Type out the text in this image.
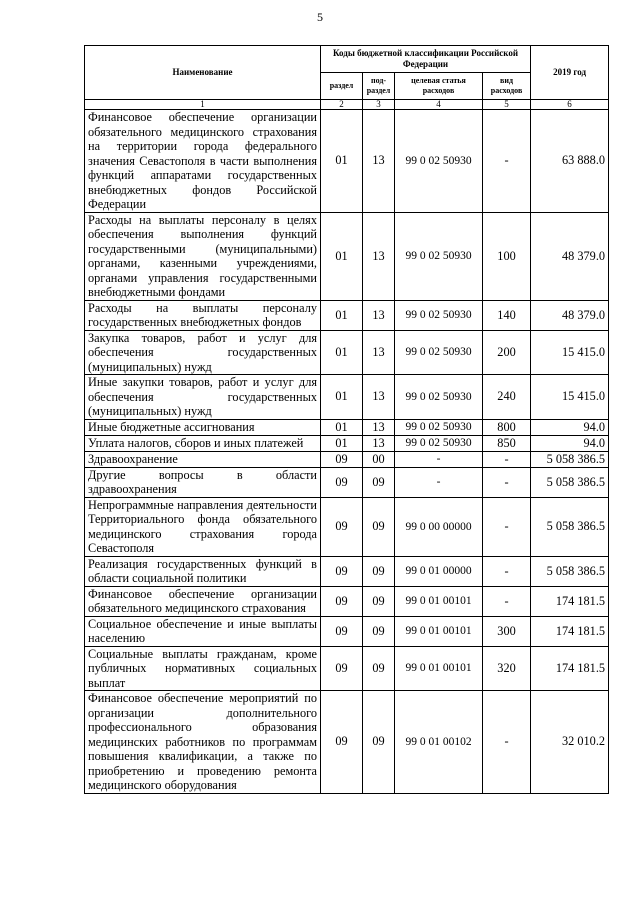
5
Наименование	Коды бюджетной классификации Российской Федерации				2019 год
	раздел	под-раздел	целевая статья расходов	вид расходов	
1	2	3	4	5	6
Финансовое обеспечение организации обязательного медицинского страхования на территории города федерального значения Севастополя в части выполнения функций аппаратами государственных внебюджетных фондов Российской Федерации	01	13	99 0 02 50930	-	63 888.0
Расходы на выплаты персоналу в целях обеспечения выполнения функций государственными (муниципальными) органами, казенными учреждениями, органами управления государственными внебюджетными фондами	01	13	99 0 02 50930	100	48 379.0
Расходы на выплаты персоналу государственных внебюджетных фондов	01	13	99 0 02 50930	140	48 379.0
Закупка товаров, работ и услуг для обеспечения государственных (муниципальных) нужд	01	13	99 0 02 50930	200	15 415.0
Иные закупки товаров, работ и услуг для обеспечения государственных (муниципальных) нужд	01	13	99 0 02 50930	240	15 415.0
Иные бюджетные ассигнования	01	13	99 0 02 50930	800	94.0
Уплата налогов, сборов и иных платежей	01	13	99 0 02 50930	850	94.0
Здравоохранение	09	00	-	-	5 058 386.5
Другие вопросы в области здравоохранения	09	09	-	-	5 058 386.5
Непрограммные направления деятельности Территориального фонда обязательного медицинского страхования города Севастополя	09	09	99 0 00 00000	-	5 058 386.5
Реализация государственных функций в области социальной политики	09	09	99 0 01 00000	-	5 058 386.5
Финансовое обеспечение организации обязательного медицинского страхования	09	09	99 0 01 00101	-	174 181.5
Социальное обеспечение и иные выплаты населению	09	09	99 0 01 00101	300	174 181.5
Социальные выплаты гражданам, кроме публичных нормативных социальных выплат	09	09	99 0 01 00101	320	174 181.5
Финансовое обеспечение мероприятий по организации дополнительного профессионального образования медицинских работников по программам повышения квалификации, а также по приобретению и проведению ремонта медицинского оборудования	09	09	99 0 01 00102	-	32 010.2
